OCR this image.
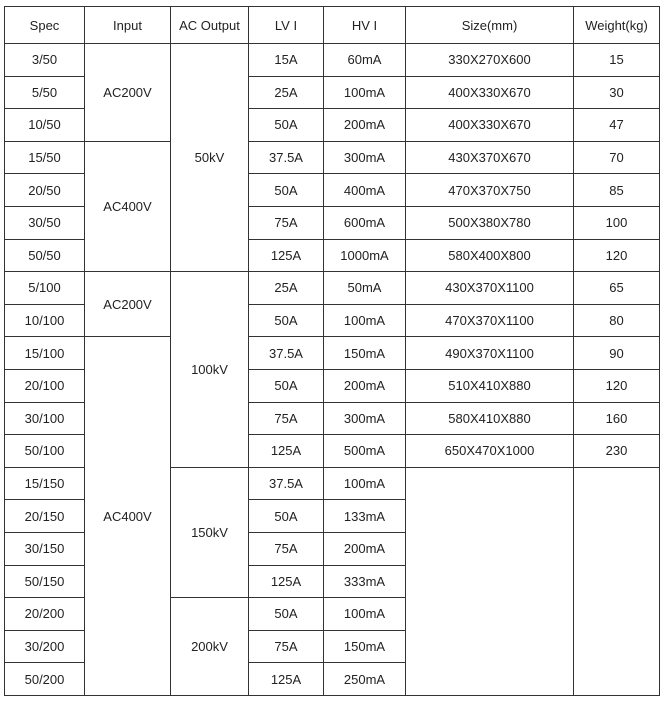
Spec	Input	AC Output	LV I	HV I	Size(mm)	Weight(kg)
3/50	AC200V	50kV	15A	60mA	330X270X600	15
5/50			25A	100mA	400X330X670	30
10/50			50A	200mA	400X330X670	47
15/50	AC400V		37.5A	300mA	430X370X670	70
20/50			50A	400mA	470X370X750	85
30/50			75A	600mA	500X380X780	100
50/50			125A	1000mA	580X400X800	120
5/100	AC200V	100kV	25A	50mA	430X370X1100	65
10/100			50A	100mA	470X370X1100	80
15/100	AC400V		37.5A	150mA	490X370X1100	90
20/100			50A	200mA	510X410X880	120
30/100			75A	300mA	580X410X880	160
50/100			125A	500mA	650X470X1000	230
15/150		150kV	37.5A	100mA		
20/150			50A	133mA		
30/150			75A	200mA		
50/150			125A	333mA		
20/200		200kV	50A	100mA		
30/200			75A	150mA		
50/200			125A	250mA		
